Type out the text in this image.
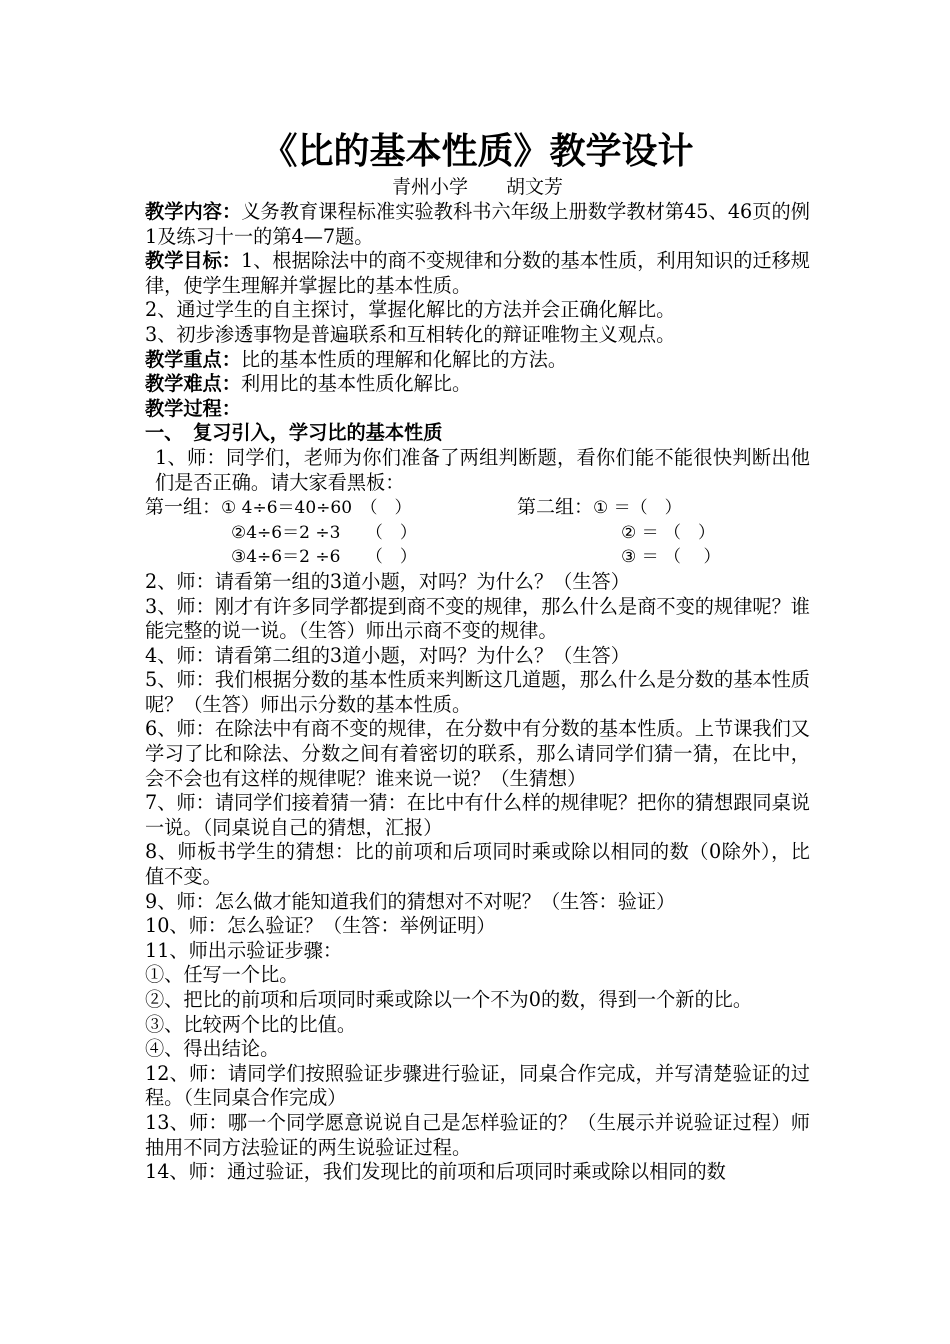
《比的基本性质》教学设计
青州小学　　胡文芳

教学内容：义务教育课程标准实验教科书六年级上册数学教材第45、46页的例1及练习十一的第4—7题。

教学目标：1、根据除法中的商不变规律和分数的基本性质，利用知识的迁移规律，使学生理解并掌握比的基本性质。

2、通过学生的自主探讨，掌握化解比的方法并会正确化解比。

3、初步渗透事物是普遍联系和互相转化的辩证唯物主义观点。

教学重点：比的基本性质的理解和化解比的方法。

教学难点：利用比的基本性质化解比。

教学过程：

一、　复习引入，学习比的基本性质

1、师：同学们，老师为你们准备了两组判断题，看你们能不能很快判断出他们是否正确。请大家看黑板：

第一组：① 4÷6＝40÷60　（　）	第二组：① ＝（　）
②4÷6＝2 ÷3　　（　）	② ＝ （　）
③4÷6＝2 ÷6　　（　）	③ ＝ （　 ）

2、师：请看第一组的3道小题，对吗？为什么？（生答）

3、师：刚才有许多同学都提到商不变的规律，那么什么是商不变的规律呢？谁能完整的说一说。（生答）师出示商不变的规律。

4、师：请看第二组的3道小题，对吗？为什么？（生答）

5、师：我们根据分数的基本性质来判断这几道题，那么什么是分数的基本性质呢？（生答）师出示分数的基本性质。

6、师：在除法中有商不变的规律，在分数中有分数的基本性质。上节课我们又学习了比和除法、分数之间有着密切的联系，那么请同学们猜一猜，在比中，会不会也有这样的规律呢？谁来说一说？（生猜想）

7、师：请同学们接着猜一猜：在比中有什么样的规律呢？把你的猜想跟同桌说一说。（同桌说自己的猜想，汇报）

8、师板书学生的猜想：比的前项和后项同时乘或除以相同的数（0除外），比值不变。

9、师：怎么做才能知道我们的猜想对不对呢？（生答：验证）

10、师：怎么验证？（生答：举例证明）

11、师出示验证步骤：

①、任写一个比。

②、把比的前项和后项同时乘或除以一个不为0的数，得到一个新的比。

③、比较两个比的比值。

④、得出结论。

12、师：请同学们按照验证步骤进行验证，同桌合作完成，并写清楚验证的过程。（生同桌合作完成）

13、师：哪一个同学愿意说说自己是怎样验证的？（生展示并说验证过程）师抽用不同方法验证的两生说验证过程。

14、师：通过验证，我们发现比的前项和后项同时乘或除以相同的数
